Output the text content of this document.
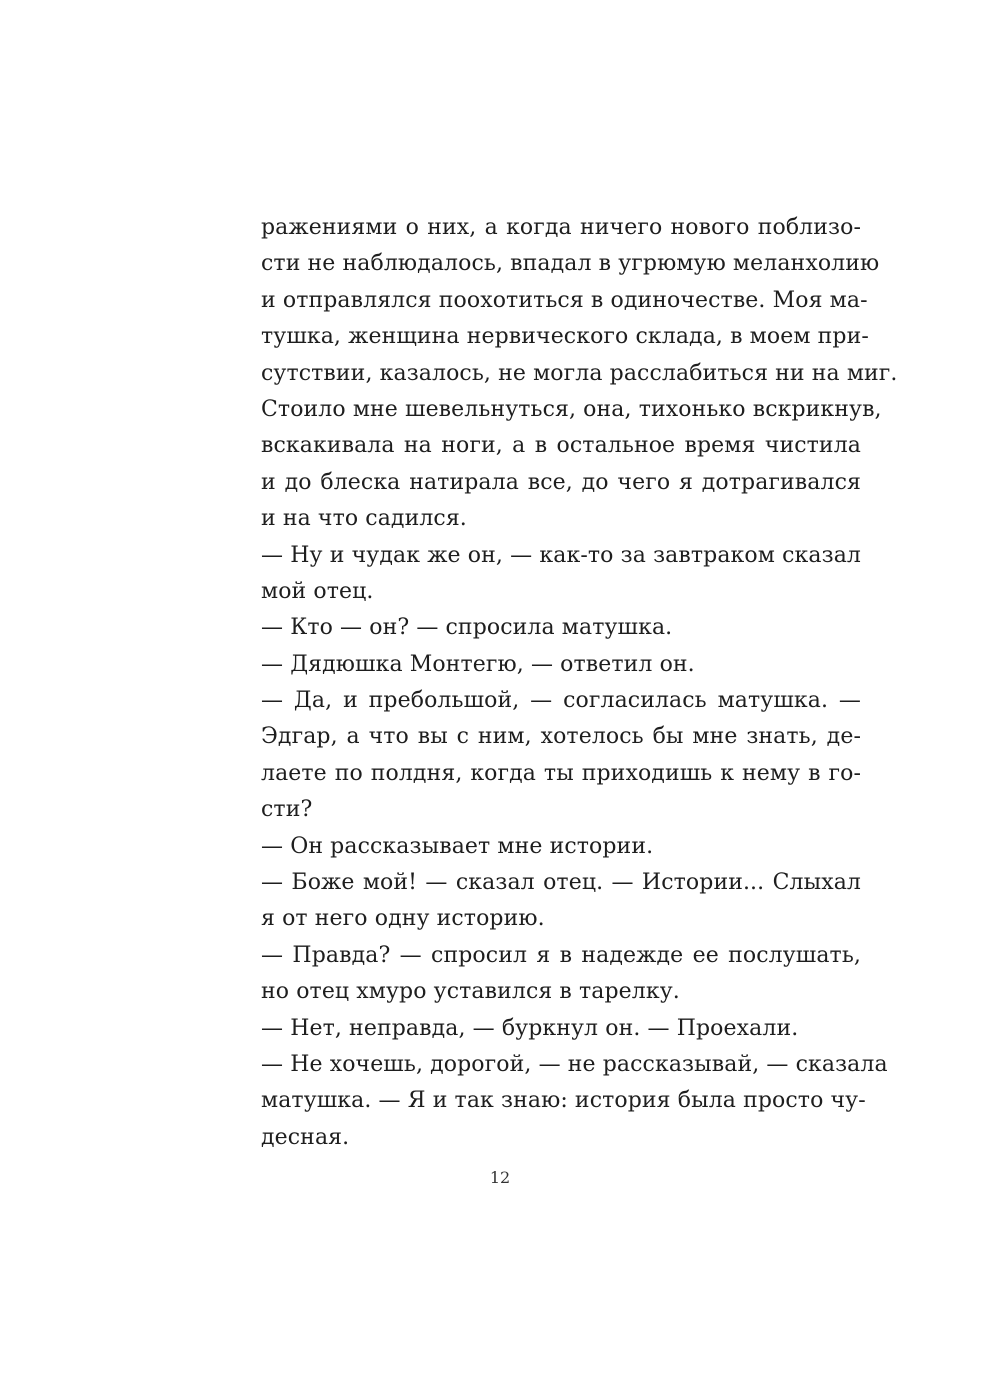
ражениями о них, а когда ничего нового поблизо-
сти не наблюдалось, впадал в угрюмую меланхолию
и отправлялся поохотиться в одиночестве. Моя ма-
тушка, женщина нервического склада, в моем при-
сутствии, казалось, не могла расслабиться ни на миг.
Стоило мне шевельнуться, она, тихонько вскрикнув,
вскакивала на ноги, а в остальное время чистила
и до блеска натирала все, до чего я дотрагивался
и на что садился.
— Ну и чудак же он, — как-то за завтраком сказал
мой отец.
— Кто — он? — спросила матушка.
— Дядюшка Монтегю, — ответил он.
— Да, и пребольшой, — согласилась матушка. —
Эдгар, а что вы с ним, хотелось бы мне знать, де-
лаете по полдня, когда ты приходишь к нему в го-
сти?
— Он рассказывает мне истории.
— Боже мой! — сказал отец. — Истории... Слыхал
я от него одну историю.
— Правда? — спросил я в надежде ее послушать,
но отец хмуро уставился в тарелку.
— Нет, неправда, — буркнул он. — Проехали.
— Не хочешь, дорогой, — не рассказывай, — сказала
матушка. — Я и так знаю: история была просто чу-
десная.
12
